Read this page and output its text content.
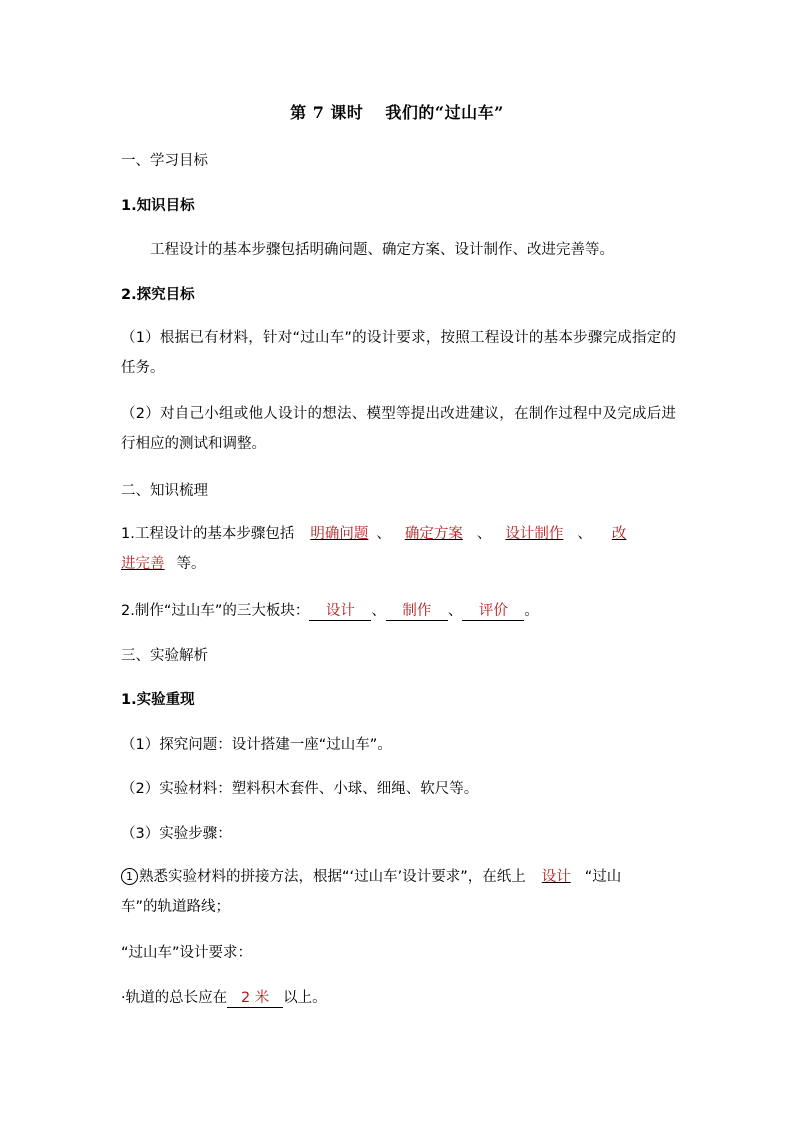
第 7 课时 我们的“过山车”
一、学习目标
1.知识目标
工程设计的基本步骤包括明确问题、确定方案、设计制作、改进完善等。
2.探究目标
（1）根据已有材料，针对“过山车”的设计要求，按照工程设计的基本步骤完成指定的任务。
（2）对自己小组或他人设计的想法、模型等提出改进建议，在制作过程中及完成后进行相应的测试和调整。
二、知识梳理
1.工程设计的基本步骤包括 明确问题 、 确定方案 、 设计制作 、 改
进完善 等。
2.制作“过山车”的三大板块： 设计 、 制作 、 评价 。
三、实验解析
1.实验重现
（1）探究问题：设计搭建一座“过山车”。
（2）实验材料：塑料积木套件、小球、细绳、软尺等。
（3）实验步骤：
1 熟悉实验材料的拼接方法，根据“‘过山车’设计要求”，在纸上 设计 “过山
车”的轨道路线；
“过山车”设计要求：
·轨道的总长应在 2 米 以上。
